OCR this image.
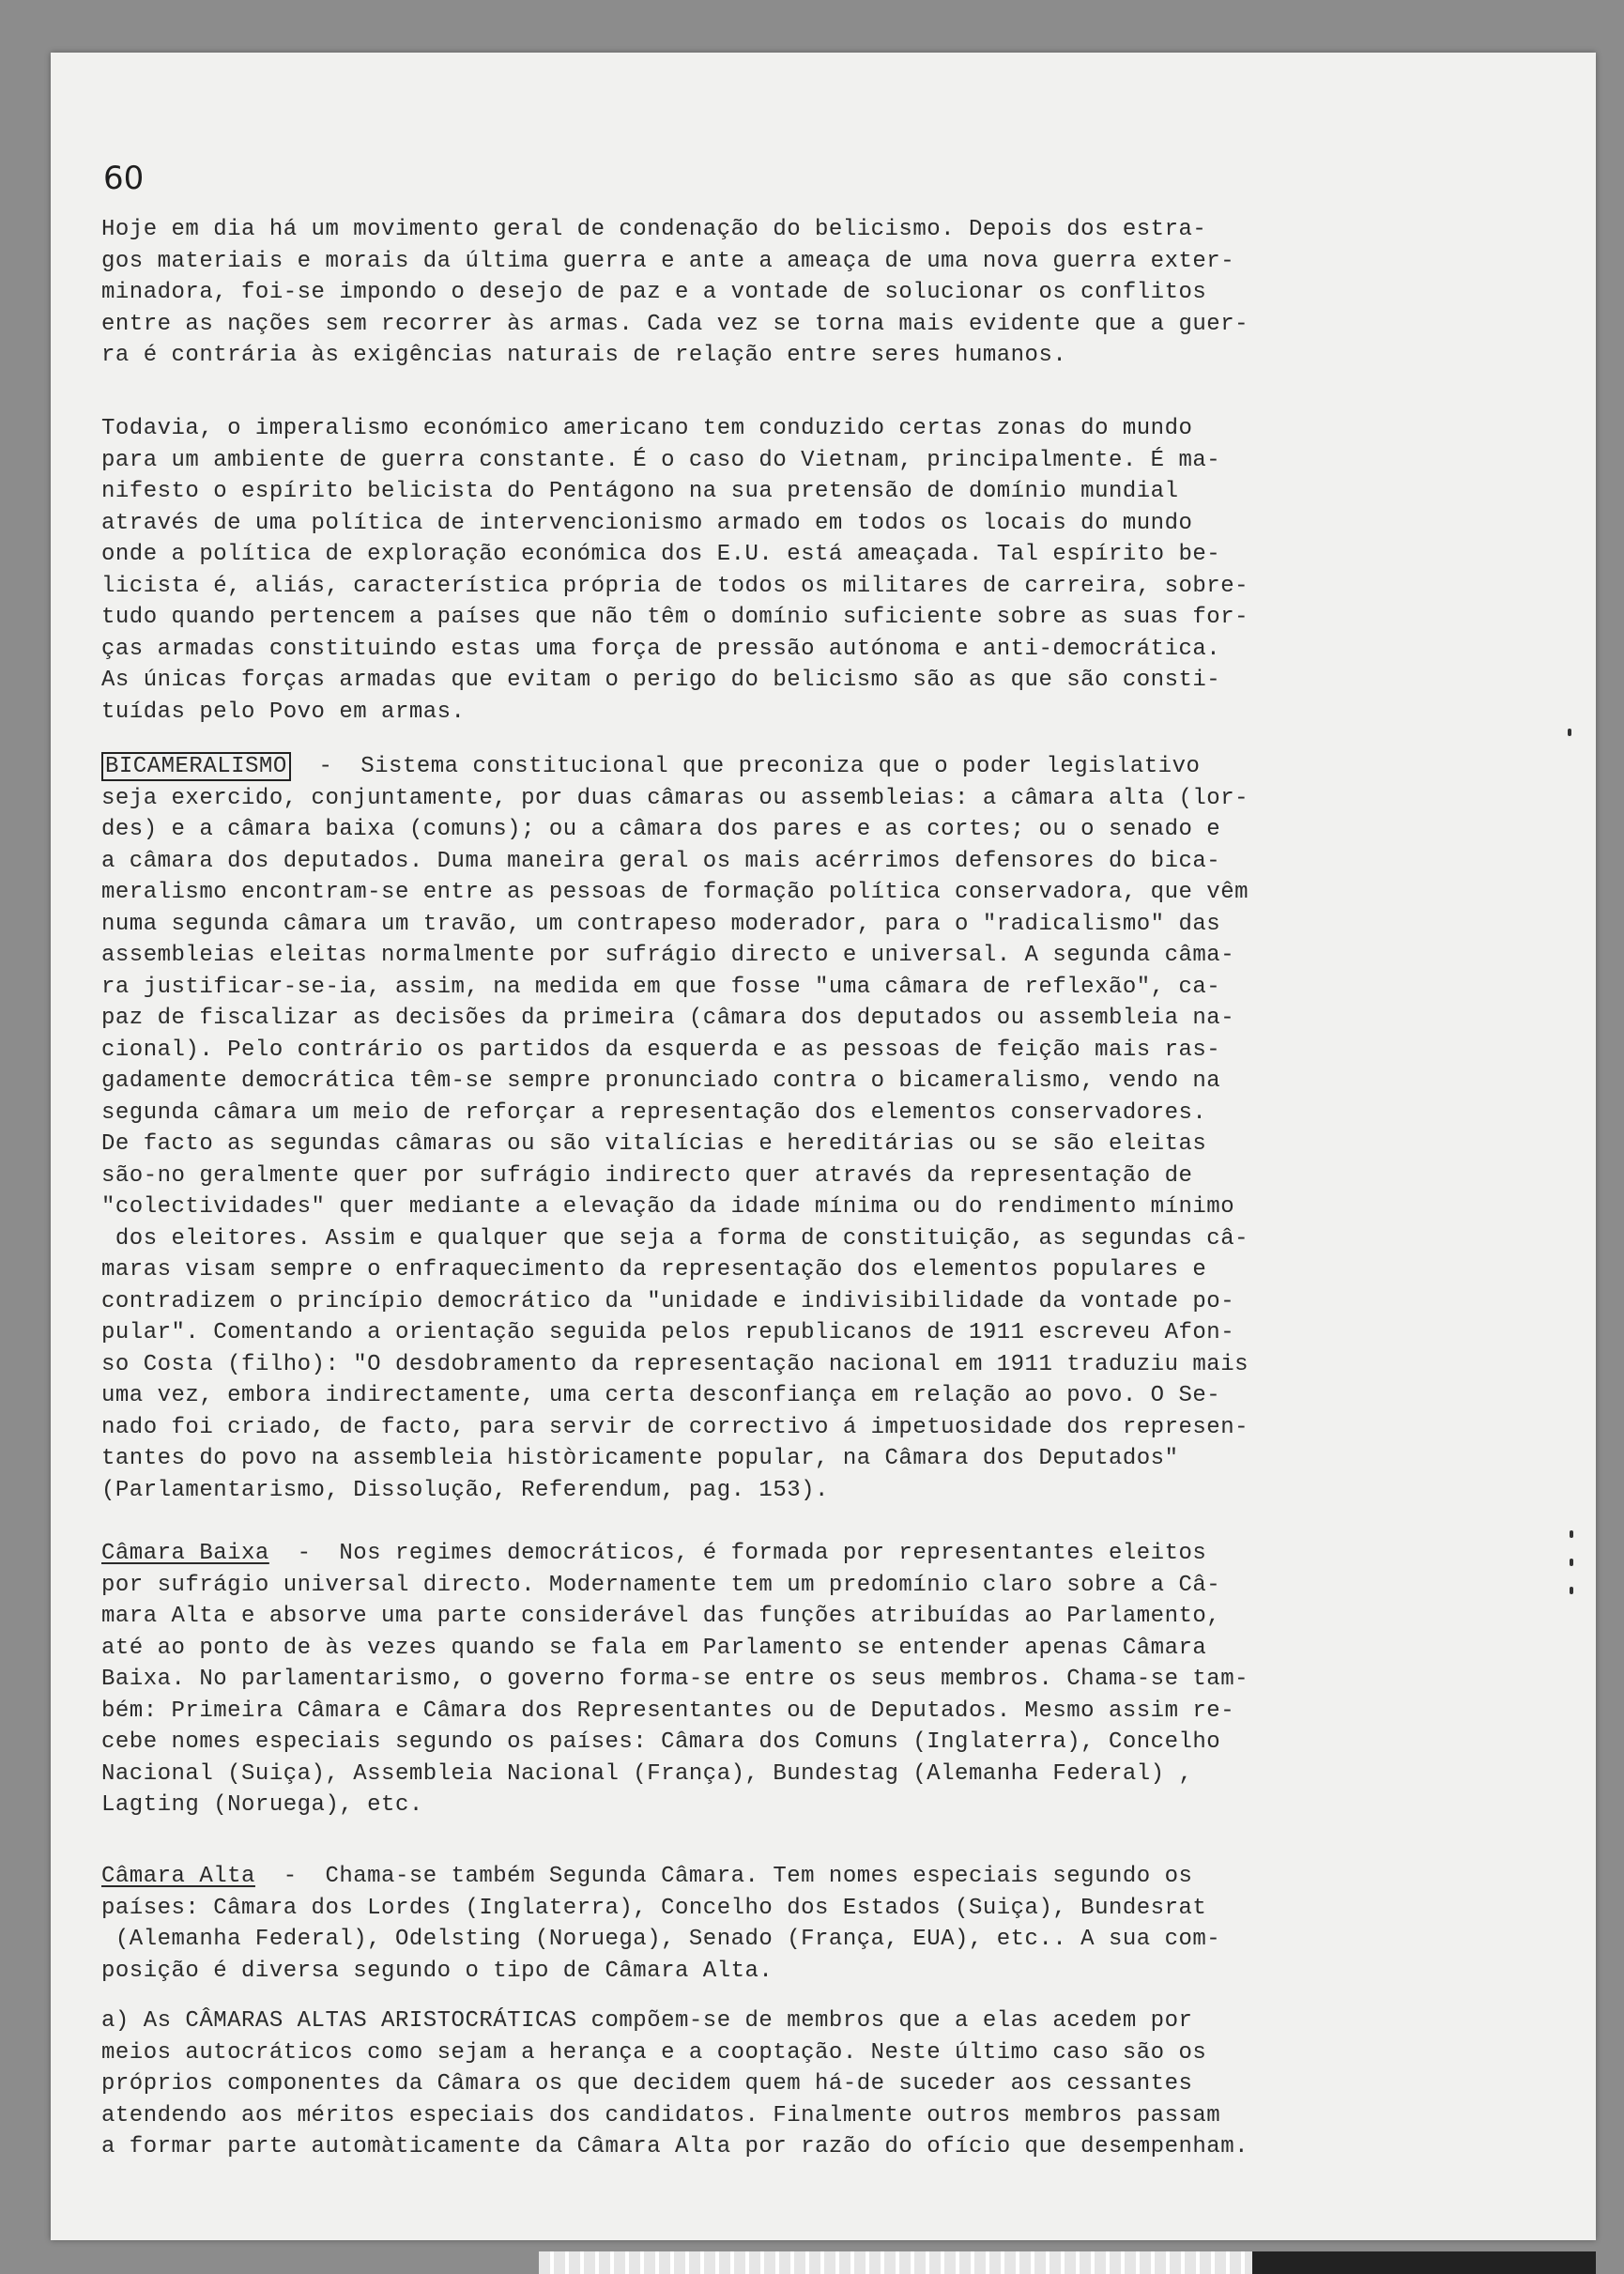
60

Hoje em dia há um movimento geral de condenação do belicismo. Depois dos estra-
gos materiais e morais da última guerra e ante a ameaça de uma nova guerra exter-
minadora, foi-se impondo o desejo de paz e a vontade de solucionar os conflitos
entre as nações sem recorrer às armas. Cada vez se torna mais evidente que a guer-
ra é contrária às exigências naturais de relação entre seres humanos.
Todavia, o imperalismo económico americano tem conduzido certas zonas do mundo
para um ambiente de guerra constante. É o caso do Vietnam, principalmente. É ma-
nifesto o espírito belicista do Pentágono na sua pretensão de domínio mundial
através de uma política de intervencionismo armado em todos os locais do mundo
onde a política de exploração económica dos E.U. está ameaçada. Tal espírito be-
licista é, aliás, característica própria de todos os militares de carreira, sobre-
tudo quando pertencem a países que não têm o domínio suficiente sobre as suas for-
ças armadas constituindo estas uma força de pressão autónoma e anti-democrática.
As únicas forças armadas que evitam o perigo do belicismo são as que são consti-
tuídas pelo Povo em armas.
BICAMERALISMO  -  Sistema constitucional que preconiza que o poder legislativo
seja exercido, conjuntamente, por duas câmaras ou assembleias: a câmara alta (lor-
des) e a câmara baixa (comuns); ou a câmara dos pares e as cortes; ou o senado e
a câmara dos deputados. Duma maneira geral os mais acérrimos defensores do bica-
meralismo encontram-se entre as pessoas de formação política conservadora, que vêm
numa segunda câmara um travão, um contrapeso moderador, para o "radicalismo" das
assembleias eleitas normalmente por sufrágio directo e universal. A segunda câma-
ra justificar-se-ia, assim, na medida em que fosse "uma câmara de reflexão", ca-
paz de fiscalizar as decisões da primeira (câmara dos deputados ou assembleia na-
cional). Pelo contrário os partidos da esquerda e as pessoas de feição mais ras-
gadamente democrática têm-se sempre pronunciado contra o bicameralismo, vendo na
segunda câmara um meio de reforçar a representação dos elementos conservadores.
De facto as segundas câmaras ou são vitalícias e hereditárias ou se são eleitas
são-no geralmente quer por sufrágio indirecto quer através da representação de
"colectividades" quer mediante a elevação da idade mínima ou do rendimento mínimo
dos eleitores. Assim e qualquer que seja a forma de constituição, as segundas câ-
maras visam sempre o enfraquecimento da representação dos elementos populares e
contradizem o princípio democrático da "unidade e indivisibilidade da vontade po-
pular". Comentando a orientação seguida pelos republicanos de 1911 escreveu Afon-
so Costa (filho): "O desdobramento da representação nacional em 1911 traduziu mais
uma vez, embora indirectamente, uma certa desconfiança em relação ao povo. O Se-
nado foi criado, de facto, para servir de correctivo á impetuosidade dos represen-
tantes do povo na assembleia històricamente popular, na Câmara dos Deputados"
(Parlamentarismo, Dissolução, Referendum, pag. 153).
Câmara Baixa  -  Nos regimes democráticos, é formada por representantes eleitos
por sufrágio universal directo. Modernamente tem um predomínio claro sobre a Câ-
mara Alta e absorve uma parte considerável das funções atribuídas ao Parlamento,
até ao ponto de às vezes quando se fala em Parlamento se entender apenas Câmara
Baixa. No parlamentarismo, o governo forma-se entre os seus membros. Chama-se tam-
bém: Primeira Câmara e Câmara dos Representantes ou de Deputados. Mesmo assim re-
cebe nomes especiais segundo os países: Câmara dos Comuns (Inglaterra), Concelho
Nacional (Suiça), Assembleia Nacional (França), Bundestag (Alemanha Federal) ,
Lagting (Noruega), etc.
Câmara Alta  -  Chama-se também Segunda Câmara. Tem nomes especiais segundo os
países: Câmara dos Lordes (Inglaterra), Concelho dos Estados (Suiça), Bundesrat
(Alemanha Federal), Odelsting (Noruega), Senado (França, EUA), etc.. A sua com-
posição é diversa segundo o tipo de Câmara Alta.
a) As CÂMARAS ALTAS ARISTOCRÁTICAS compõem-se de membros que a elas acedem por
meios autocráticos como sejam a herança e a cooptação. Neste último caso são os
próprios componentes da Câmara os que decidem quem há-de suceder aos cessantes
atendendo aos méritos especiais dos candidatos. Finalmente outros membros passam
a formar parte automàticamente da Câmara Alta por razão do ofício que desempenham.
